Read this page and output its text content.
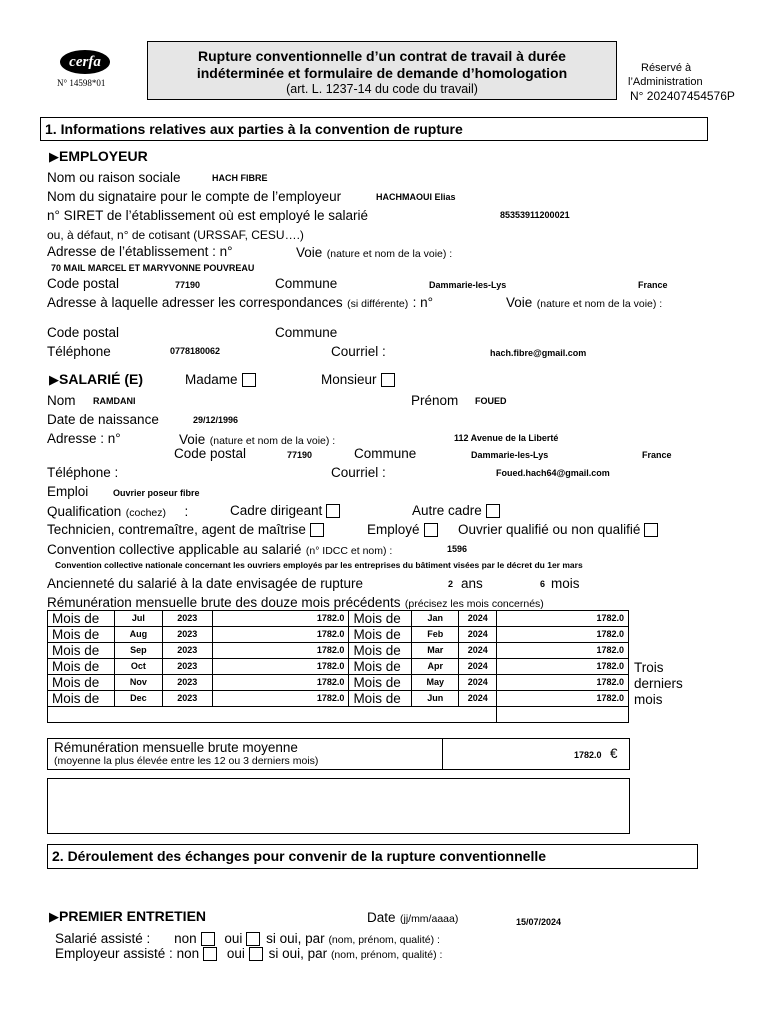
cerfa
N° 14598*01
Rupture conventionnelle d’un contrat de travail à durée
indéterminée et formulaire de demande d’homologation
(art. L. 1237-14 du code du travail)
Réservé à
l’Administration
N° 202407454576P
1. Informations relatives aux parties à la convention de rupture
▶EMPLOYEUR
Nom ou raison sociale	HACH FIBRE
Nom du signataire pour le compte de l’employeur	HACHMAOUI Elias
n° SIRET de l’établissement où est employé le salarié	85353911200021
ou, à défaut, n° de cotisant (URSSAF, CESU….)
Adresse de l’établissement : n°	Voie (nature et nom de la voie) :
70 MAIL MARCEL ET MARYVONNE POUVREAU
Code postal	77190	Commune	Dammarie-les-Lys	France
Adresse à laquelle adresser les correspondances (si différente) : n°	Voie (nature et nom de la voie) :
Code postal	Commune
Téléphone	0778180062	Courriel :	hach.fibre@gmail.com
▶SALARIÉ (E)	Madame	Monsieur
Nom RAMDANI	Prénom FOUED
Date de naissance	29/12/1996
Adresse : n°	Voie (nature et nom de la voie) :	112 Avenue de la Liberté
Code postal	77190	Commune	Dammarie-les-Lys	France
Téléphone :	Courriel :	Foued.hach64@gmail.com
Emploi	Ouvrier poseur fibre
Qualification (cochez) :	Cadre dirigeant	Autre cadre
Technicien, contremaître, agent de maîtrise	Employé	Ouvrier qualifié ou non qualifié
Convention collective applicable au salarié (n° IDCC et nom) :	1596
Convention collective nationale concernant les ouvriers employés par les entreprises du bâtiment visées par le décret du 1er mars
Ancienneté du salarié à la date envisagée de rupture	2 ans	6 mois
Rémunération mensuelle brute des douze mois précédents (précisez les mois concernés)
Mois de	Jul	2023	1782.0	Mois de	Jan	2024	1782.0
Mois de	Aug	2023	1782.0	Mois de	Feb	2024	1782.0
Mois de	Sep	2023	1782.0	Mois de	Mar	2024	1782.0
Mois de	Oct	2023	1782.0	Mois de	Apr	2024	1782.0
Mois de	Nov	2023	1782.0	Mois de	May	2024	1782.0
Mois de	Dec	2023	1782.0	Mois de	Jun	2024	1782.0

Trois
derniers
mois
Rémunération mensuelle brute moyenne
(moyenne la plus élevée entre les 12 ou 3 derniers mois)	1782.0 €
2. Déroulement des échanges pour convenir de la rupture conventionnelle
▶PREMIER ENTRETIEN	Date (jj/mm/aaaa)	15/07/2024
Salarié assisté : non oui si oui, par (nom, prénom, qualité) :
Employeur assisté : non oui si oui, par (nom, prénom, qualité) :
